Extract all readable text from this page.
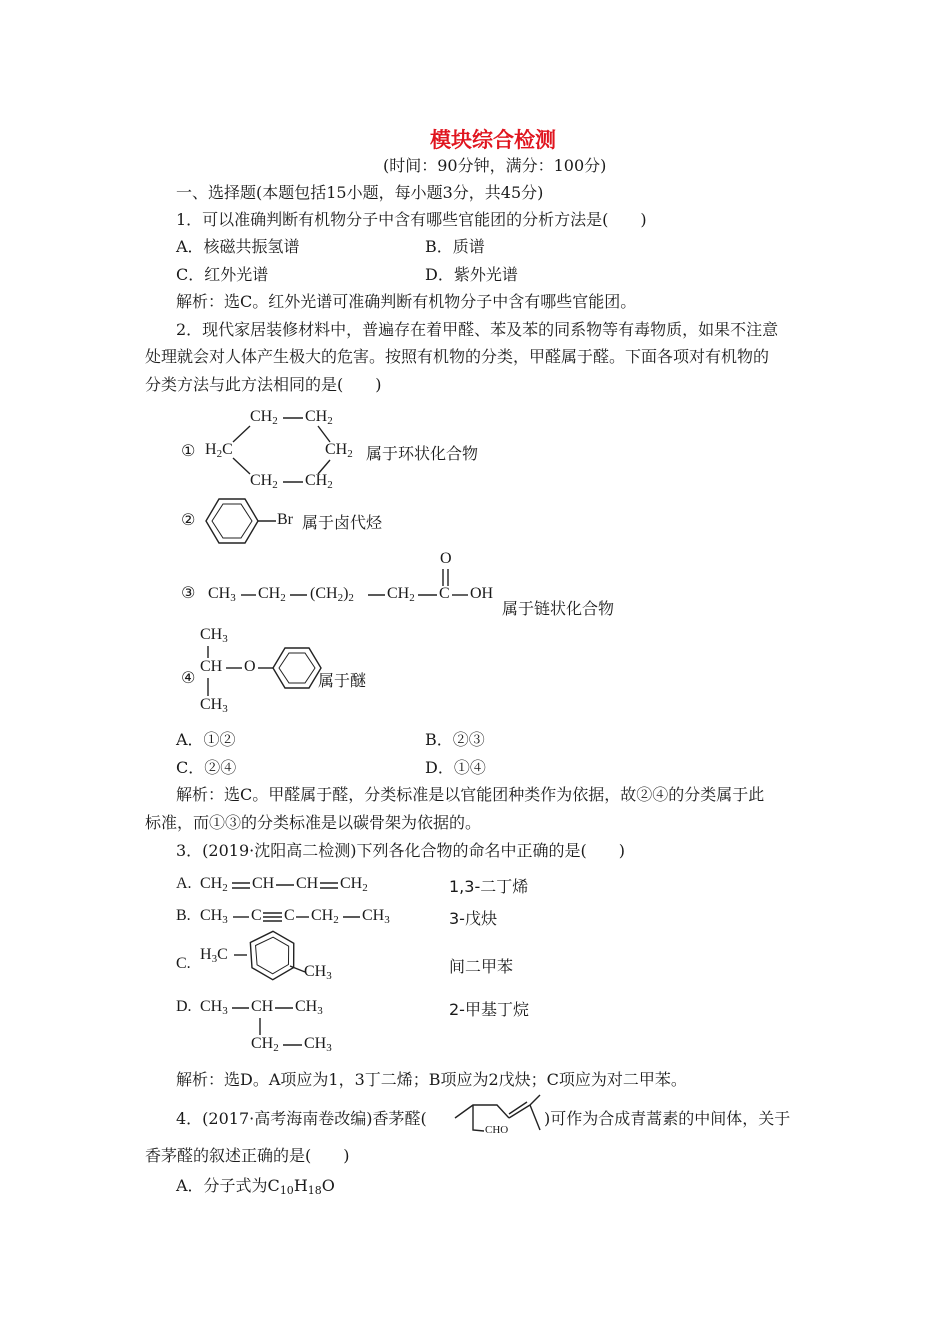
模块综合检测
(时间：90分钟，满分：100分)
一、选择题(本题包括15小题，每小题3分，共45分)
1．可以准确判断有机物分子中含有哪些官能团的分析方法是(　　)
A．核磁共振氢谱	B．质谱
C．红外光谱	D．紫外光谱
解析：选C。红外光谱可准确判断有机物分子中含有哪些官能团。
2．现代家居装修材料中，普遍存在着甲醛、苯及苯的同系物等有毒物质，如果不注意
处理就会对人体产生极大的危害。按照有机物的分类，甲醛属于醛。下面各项对有机物的
分类方法与此方法相同的是(　　)
①
$CH_2$ $CH_2$
$H_2C$	$CH_2$
$CH_2$ $CH_2$
属于环状化合物
②	Br 属于卤代烃
③ $CH_3$ $CH_2$ $(CH_2)_2$ $CH_2$ C
O
OH
属于链状化合物
④
$CH_3$
CH O
$CH_3$
属于醚
A．①②	B．②③
C．②④	D．①④
解析：选C。甲醛属于醛，分类标准是以官能团种类作为依据，故②④的分类属于此
标准，而①③的分类标准是以碳骨架为依据的。
3．(2019·沈阳高二检测)下列各化合物的命名中正确的是(　　)
A. $CH_2$ CH CH $CH_2$	1,3-二丁烯
B. $CH_3$ C C $CH_2$ $CH_3$	3-戊炔
C.
$H_3C$
$CH_3$	间二甲苯
D. $CH_3$ CH $CH_3$
$CH_2$ $CH_3$
2-甲基丁烷
解析：选D。A项应为1，3丁二烯；B项应为2戊炔；C项应为对二甲苯。
4．(2017·高考海南卷改编)香茅醛(
CHO
)可作为合成青蒿素的中间体，关于
香茅醛的叙述正确的是(　　)
A．分子式为$C_{10}H_{18}O$
